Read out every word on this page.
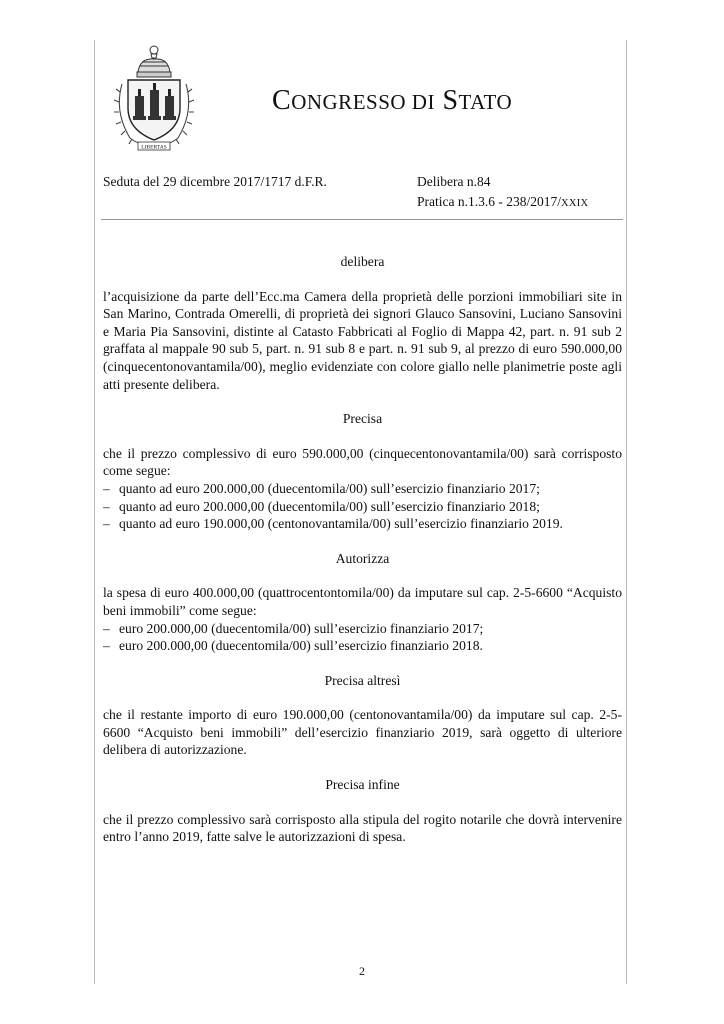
LIBERTAS
CONGRESSO DI STATO
Seduta del 29 dicembre 2017/1717 d.F.R.	Delibera n.84
Pratica n.1.3.6 - 238/2017/XXIX

delibera

l’acquisizione da parte dell’Ecc.ma Camera della proprietà delle porzioni immobiliari site in San Marino, Contrada Omerelli, di proprietà dei signori Glauco Sansovini, Luciano Sansovini e Maria Pia Sansovini, distinte al Catasto Fabbricati al Foglio di Mappa 42, part. n. 91 sub 2 graffata al mappale 90 sub 5, part. n. 91 sub 8 e part. n. 91 sub 9, al prezzo di euro 590.000,00 (cinquecentonovantamila/00), meglio evidenziate con colore giallo nelle planimetrie poste agli atti presente delibera.

Precisa

che il prezzo complessivo di euro 590.000,00 (cinquecentonovantamila/00) sarà corrisposto come segue:

– quanto ad euro 200.000,00 (duecentomila/00) sull’esercizio finanziario 2017;
– quanto ad euro 200.000,00 (duecentomila/00) sull’esercizio finanziario 2018;
– quanto ad euro 190.000,00 (centonovantamila/00) sull’esercizio finanziario 2019.

Autorizza

la spesa di euro 400.000,00 (quattrocentontomila/00) da imputare sul cap. 2-5-6600 “Acquisto beni immobili” come segue:

– euro 200.000,00 (duecentomila/00) sull’esercizio finanziario 2017;
– euro 200.000,00 (duecentomila/00) sull’esercizio finanziario 2018.

Precisa altresì

che il restante importo di euro 190.000,00 (centonovantamila/00) da imputare sul cap. 2-5-6600 “Acquisto beni immobili” dell’esercizio finanziario 2019, sarà oggetto di ulteriore delibera di autorizzazione.

Precisa infine

che il prezzo complessivo sarà corrisposto alla stipula del rogito notarile che dovrà intervenire entro l’anno 2019, fatte salve le autorizzazioni di spesa.

2
